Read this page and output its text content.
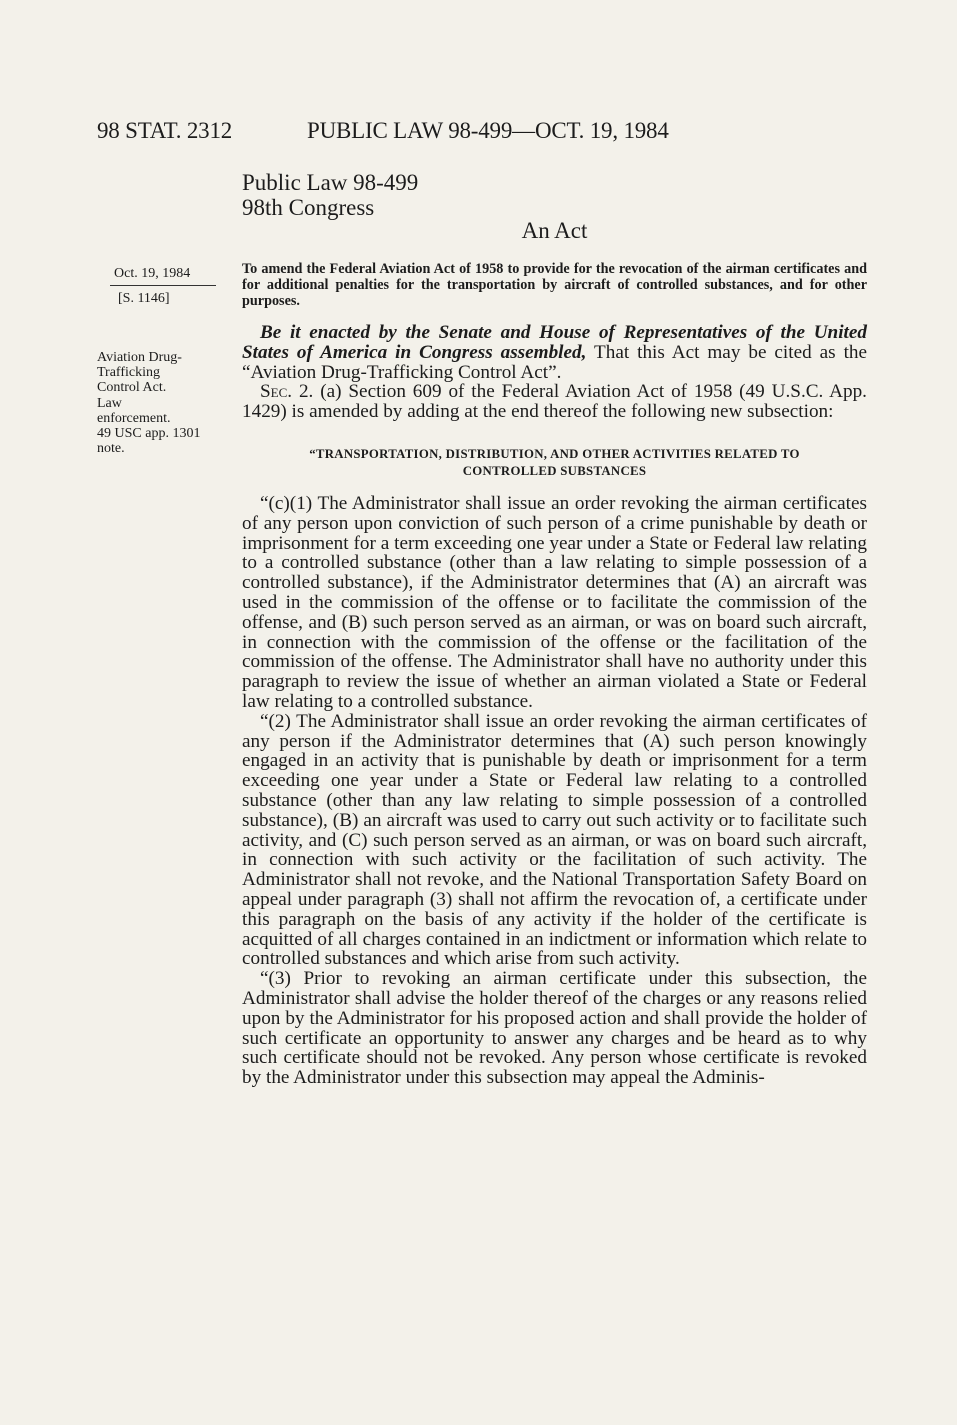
98 STAT. 2312	PUBLIC LAW 98-499—OCT. 19, 1984
Public Law 98-499
98th Congress
An Act
Oct. 19, 1984
[S. 1146]
To amend the Federal Aviation Act of 1958 to provide for the revocation of the airman certificates and for additional penalties for the transportation by aircraft of controlled substances, and for other purposes.
Aviation Drug-
Trafficking
Control Act.
Law
enforcement.
49 USC app. 1301
note.

Be it enacted by the Senate and House of Representatives of the United States of America in Congress assembled, That this Act may be cited as the “Aviation Drug-Trafficking Control Act”.

Sec. 2. (a) Section 609 of the Federal Aviation Act of 1958 (49 U.S.C. App. 1429) is amended by adding at the end thereof the following new subsection:

“TRANSPORTATION, DISTRIBUTION, AND OTHER ACTIVITIES RELATED TO
CONTROLLED SUBSTANCES

“(c)(1) The Administrator shall issue an order revoking the airman certificates of any person upon conviction of such person of a crime punishable by death or imprisonment for a term exceeding one year under a State or Federal law relating to a controlled substance (other than a law relating to simple possession of a controlled substance), if the Administrator determines that (A) an aircraft was used in the commission of the offense or to facilitate the commission of the offense, and (B) such person served as an airman, or was on board such aircraft, in connection with the commission of the offense or the facilitation of the commission of the offense. The Administrator shall have no authority under this paragraph to review the issue of whether an airman violated a State or Federal law relating to a controlled substance.

“(2) The Administrator shall issue an order revoking the airman certificates of any person if the Administrator determines that (A) such person knowingly engaged in an activity that is punishable by death or imprisonment for a term exceeding one year under a State or Federal law relating to a controlled substance (other than any law relating to simple possession of a controlled substance), (B) an aircraft was used to carry out such activity or to facilitate such activity, and (C) such person served as an airman, or was on board such aircraft, in connection with such activity or the facilitation of such activity. The Administrator shall not revoke, and the National Transportation Safety Board on appeal under paragraph (3) shall not affirm the revocation of, a certificate under this paragraph on the basis of any activity if the holder of the certificate is acquitted of all charges contained in an indictment or information which relate to controlled substances and which arise from such activity.

“(3) Prior to revoking an airman certificate under this subsection, the Administrator shall advise the holder thereof of the charges or any reasons relied upon by the Administrator for his proposed action and shall provide the holder of such certificate an opportunity to answer any charges and be heard as to why such certificate should not be revoked. Any person whose certificate is revoked by the Administrator under this subsection may appeal the Adminis-
